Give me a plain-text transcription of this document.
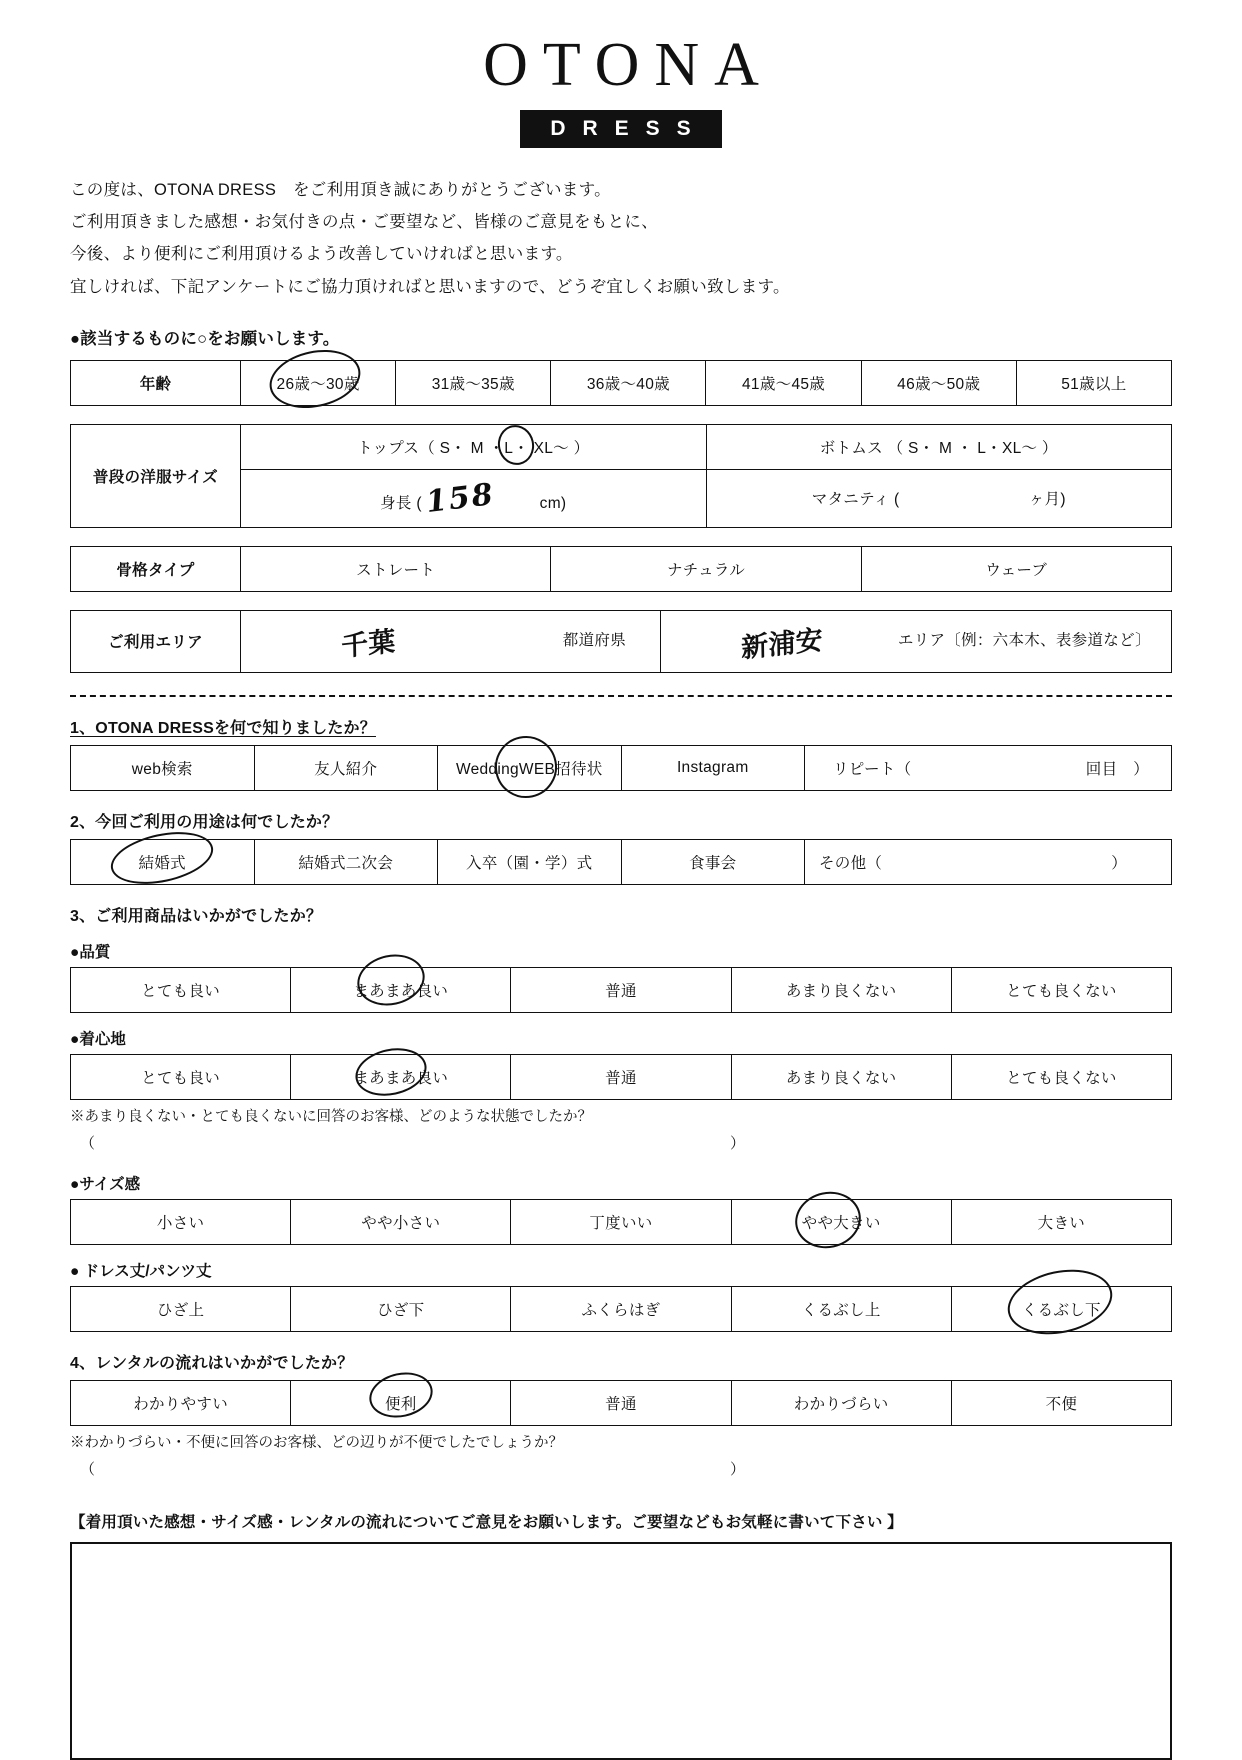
OTONA
DRESS
この度は、OTONA DRESS　をご利用頂き誠にありがとうございます。
ご利用頂きました感想・お気付きの点・ご要望など、皆様のご意見をもとに、
今後、より便利にご利用頂けるよう改善していければと思います。
宜しければ、下記アンケートにご協力頂ければと思いますので、どうぞ宜しくお願い致します。
●該当するものに○をお願いします。
年齢	26歳～30歳	31歳～35歳	36歳～40歳	41歳～45歳	46歳～50歳	51歳以上
普段の洋服サイズ	トップス（ S・ M ・L・ XL～ ）	ボトムス （ S・ M ・ L・XL～ ）
	身長 ( 158 cm)	マタニティ ( ヶ月)
骨格タイプ	ストレート	ナチュラル	ウェーブ
ご利用エリア	千葉	都道府県	新浦安	エリア〔例：六本木、表参道など〕
1、OTONA DRESSを何で知りましたか？
web検索	友人紹介	WeddingWEB招待状	Instagram	リピート（	回目　）
2、今回ご利用の用途は何でしたか？
結婚式	結婚式二次会	入卒（園・学）式	食事会	その他（	）
3、ご利用商品はいかがでしたか？
●品質
とても良い	まあまあ良い	普通	あまり良くない	とても良くない
●着心地
とても良い	まあまあ良い	普通	あまり良くない	とても良くない
※あまり良くない・とても良くないに回答のお客様、どのような状態でしたか？
（	）
●サイズ感
小さい	やや小さい	丁度いい	やや大きい	大きい
● ドレス丈/パンツ丈
ひざ上	ひざ下	ふくらはぎ	くるぶし上	くるぶし下
4、レンタルの流れはいかがでしたか？
わかりやすい	便利	普通	わかりづらい	不便
※わかりづらい・不便に回答のお客様、どの辺りが不便でしたでしょうか？
（	）
【着用頂いた感想・サイズ感・レンタルの流れについてご意見をお願いします。ご要望などもお気軽に書いて下さい 】
